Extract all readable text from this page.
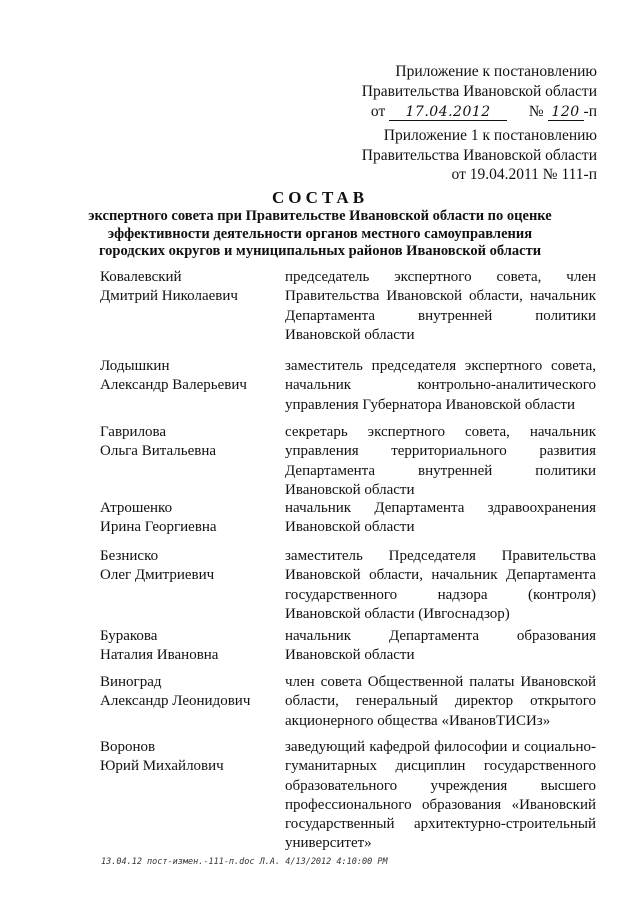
Приложение к постановлению
Правительства Ивановской области
от 17.04.2012 № 120 -п
Приложение 1 к постановлению
Правительства Ивановской области
от 19.04.2011 № 111-п
СОСТАВ
экспертного совета при Правительстве Ивановской области по оценке
эффективности деятельности органов местного самоуправления
городских округов и муниципальных районов Ивановской области
Ковалевский
Дмитрий Николаевич
председатель экспертного совета, член
Правительства Ивановской области, начальник
Департамента внутренней политики
Ивановской области
Лодышкин
Александр Валерьевич
заместитель председателя экспертного совета,
начальник контрольно-аналитического
управления Губернатора Ивановской области
Гаврилова
Ольга Витальевна
секретарь экспертного совета, начальник
управления территориального развития
Департамента внутренней политики
Ивановской области
Атрошенко
Ирина Георгиевна
начальник Департамента здравоохранения
Ивановской области
Безниско
Олег Дмитриевич
заместитель Председателя Правительства
Ивановской области, начальник Департамента
государственного надзора (контроля)
Ивановской области (Ивгоснадзор)
Буракова
Наталия Ивановна
начальник Департамента образования
Ивановской области
Виноград
Александр Леонидович
член совета Общественной палаты Ивановской
области, генеральный директор открытого
акционерного общества «ИвановТИСИз»
Воронов
Юрий Михайлович
заведующий кафедрой философии и социально-
гуманитарных дисциплин государственного
образовательного учреждения высшего
профессионального образования «Ивановский
государственный архитектурно-строительный
университет»
13.04.12 пост-измен.-111-п.doc Л.А. 4/13/2012 4:10:00 PM
